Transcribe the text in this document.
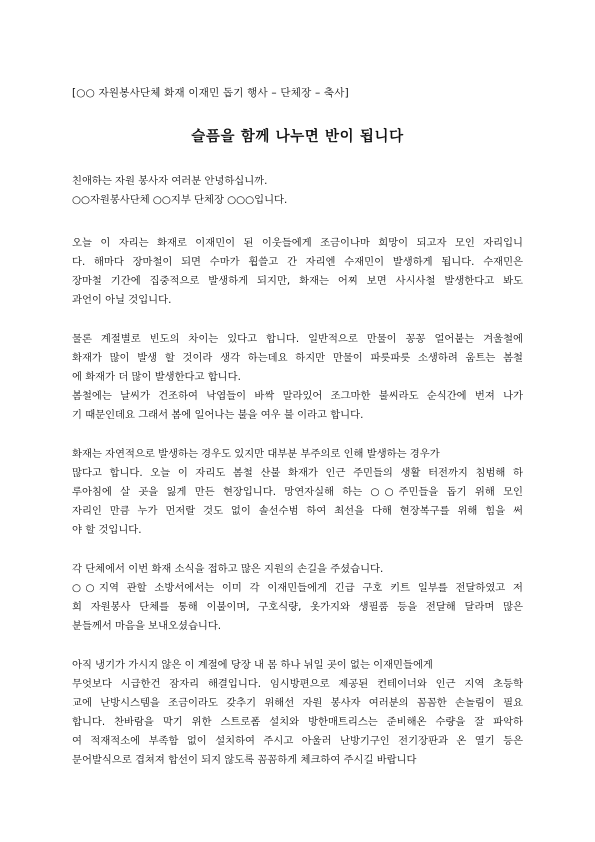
[○○ 자원봉사단체 화재 이재민 돕기 행사 – 단체장 – 축사]
슬픔을 함께 나누면 반이 됩니다
친애하는 자원 봉사자 여러분 안녕하십니까.
○○자원봉사단체 ○○지부 단체장 ○○○입니다.
오늘 이 자리는 화재로 이재민이 된 이웃들에게 조금이나마 희망이 되고자 모인 자리입니
다. 해마다 장마철이 되면 수마가 휩쓸고 간 자리엔 수재민이 발생하게 됩니다. 수재민은
장마철 기간에 집중적으로 발생하게 되지만, 화재는 어찌 보면 사시사철 발생한다고 봐도
과언이 아닐 것입니다.
물론 계절별로 빈도의 차이는 있다고 합니다. 일반적으로 만물이 꽁꽁 얼어붙는 겨울철에
화재가 많이 발생 할 것이라 생각 하는데요 하지만 만물이 파릇파릇 소생하려 움트는 봄철
에 화재가 더 많이 발생한다고 합니다.
봄철에는 날씨가 건조하여 낙엽들이 바싹 말라있어 조그마한 불씨라도 순식간에 번져 나가
기 때문인데요 그래서 봄에 일어나는 불을 여우 불 이라고 합니다.
화재는 자연적으로 발생하는 경우도 있지만 대부분 부주의로 인해 발생하는 경우가
많다고 합니다. 오늘 이 자리도 봄철 산불 화재가 인근 주민들의 생활 터전까지 침범해 하
루아침에 살 곳을 잃게 만든 현장입니다. 망연자실해 하는 ○○주민들을 돕기 위해 모인
자리인 만큼 누가 먼저랄 것도 없이 솔선수범 하여 최선을 다해 현장복구를 위해 힘을 써
야 할 것입니다.
각 단체에서 이번 화재 소식을 접하고 많은 지원의 손길을 주셨습니다.
○○지역 관할 소방서에서는 이미 각 이재민들에게 긴급 구호 키트 일부를 전달하였고 저
희 자원봉사 단체를 통해 이불이며, 구호식량, 옷가지와 생필품 등을 전달해 달라며 많은
분들께서 마음을 보내오셨습니다.
아직 냉기가 가시지 않은 이 계절에 당장 내 몸 하나 뉘일 곳이 없는 이재민들에게
무엇보다 시급한건 잠자리 해결입니다. 임시방편으로 제공된 컨테이너와 인근 지역 초등학
교에 난방시스템을 조금이라도 갖추기 위해선 자원 봉사자 여러분의 꼼꼼한 손놀림이 필요
합니다. 찬바람을 막기 위한 스트로폼 설치와 방한매트리스는 준비해온 수량을 잘 파악하
여 적재적소에 부족함 없이 설치하여 주시고 아울러 난방기구인 전기장판과 온 열기 등은
문어발식으로 겹쳐져 합선이 되지 않도록 꼼꼼하게 체크하여 주시길 바랍니다
